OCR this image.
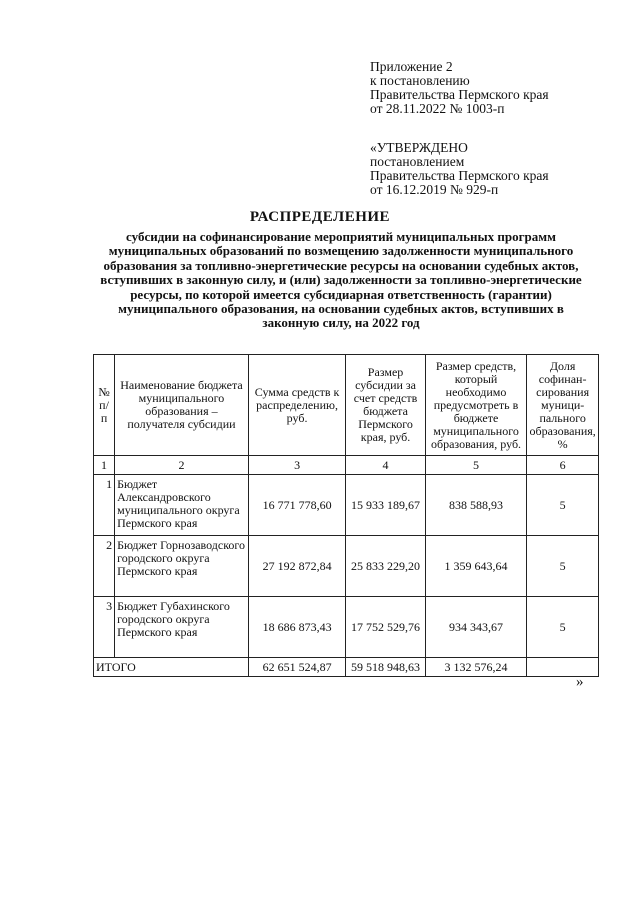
Приложение 2
к постановлению
Правительства Пермского края
от 28.11.2022 № 1003-п
«УТВЕРЖДЕНО
постановлением
Правительства Пермского края
от 16.12.2019 № 929-п
РАСПРЕДЕЛЕНИЕ
субсидии на софинансирование мероприятий муниципальных программ муниципальных образований по возмещению задолженности муниципального образования за топливно-энергетические ресурсы на основании судебных актов, вступивших в законную силу, и (или) задолженности за топливно-энергетические ресурсы, по которой имеется субсидиарная ответственность (гарантии) муниципального образования, на основании судебных актов, вступивших в законную силу, на 2022 год
№ п/п	Наименование бюджета муниципального образования – получателя субсидии	Сумма средств к распределению, руб.	Размер субсидии за счет средств бюджета Пермского края, руб.	Размер средств, который необходимо предусмотреть в бюджете муниципального образования, руб.	Доля софинан-сирования муници-пального образования, %
1	2	3	4	5	6
1	Бюджет Александровского муниципального округа Пермского края	16 771 778,60	15 933 189,67	838 588,93	5
2	Бюджет Горнозаводского городского округа Пермского края	27 192 872,84	25 833 229,20	1 359 643,64	5
3	Бюджет Губахинского городского округа Пермского края	18 686 873,43	17 752 529,76	934 343,67	5
ИТОГО		62 651 524,87	59 518 948,63	3 132 576,24	
»
